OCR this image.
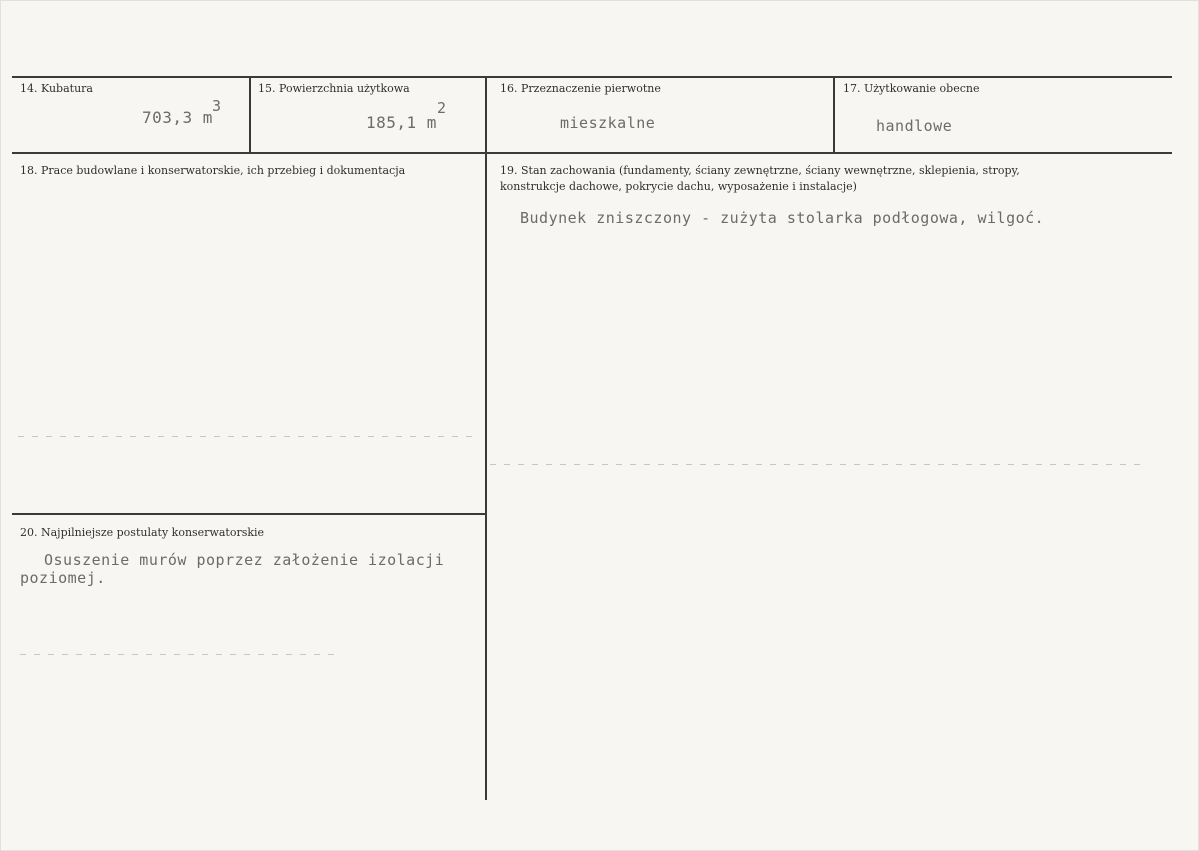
14. Kubatura
703,3 m
3
15. Powierzchnia użytkowa
185,1 m
2
16. Przeznaczenie pierwotne
mieszkalne
17. Użytkowanie obecne
handlowe
18. Prace budowlane i konserwatorskie, ich przebieg i dokumentacja	19. Stan zachowania (fundamenty, ściany zewnętrzne, ściany wewnętrzne, sklepienia, stropy,
konstrukcje dachowe, pokrycie dachu, wyposażenie i instalacje)
Budynek zniszczony - zużyta stolarka podłogowa, wilgoć.
20. Najpilniejsze postulaty konserwatorskie
Osuszenie murów poprzez założenie izolacji
poziomej.
